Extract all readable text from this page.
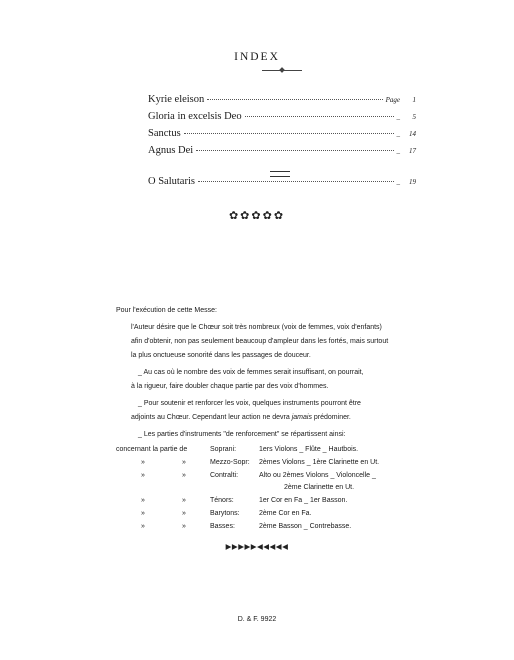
INDEX
Kyrie eleison	Page	1
Gloria in excelsis Deo	_	5
Sanctus	_	14
Agnus Dei	_	17
O Salutaris	_	19
✿✿✿✿✿
Pour l'exécution de cette Messe:
l'Auteur désire que le Chœur soit très nombreux (voix de femmes, voix d'enfants)
afin d'obtenir, non pas seulement beaucoup d'ampleur dans les fortés, mais surtout
la plus onctueuse sonorité dans les passages de douceur.
_ Au cas où le nombre des voix de femmes serait insuffisant, on pourrait,
à la rigueur, faire doubler chaque partie par des voix d'hommes.
_ Pour soutenir et renforcer les voix, quelques instruments pourront être
adjoints au Chœur. Cependant leur action ne devra jamais prédominer.
_ Les parties d'instruments "de renforcement" se répartissent ainsi:
concernant la partie de	Soprani:	1ers Violons _ Flûte _ Hautbois.
»	»	Mezzo-Sopr: 2èmes Violons _ 1ère Clarinette en Ut.
»	»	Contralti:	Alto ou 2èmes Violons _ Violoncelle _
2ème Clarinette en Ut.
»	»	Ténors:	1er Cor en Fa _ 1er Basson.
»	»	Barytons:	2ème Cor en Fa.
»	»	Basses:	2ème Basson _ Contrebasse.
▶▶▶▶▶◀◀◀◀◀
D. & F. 9922
